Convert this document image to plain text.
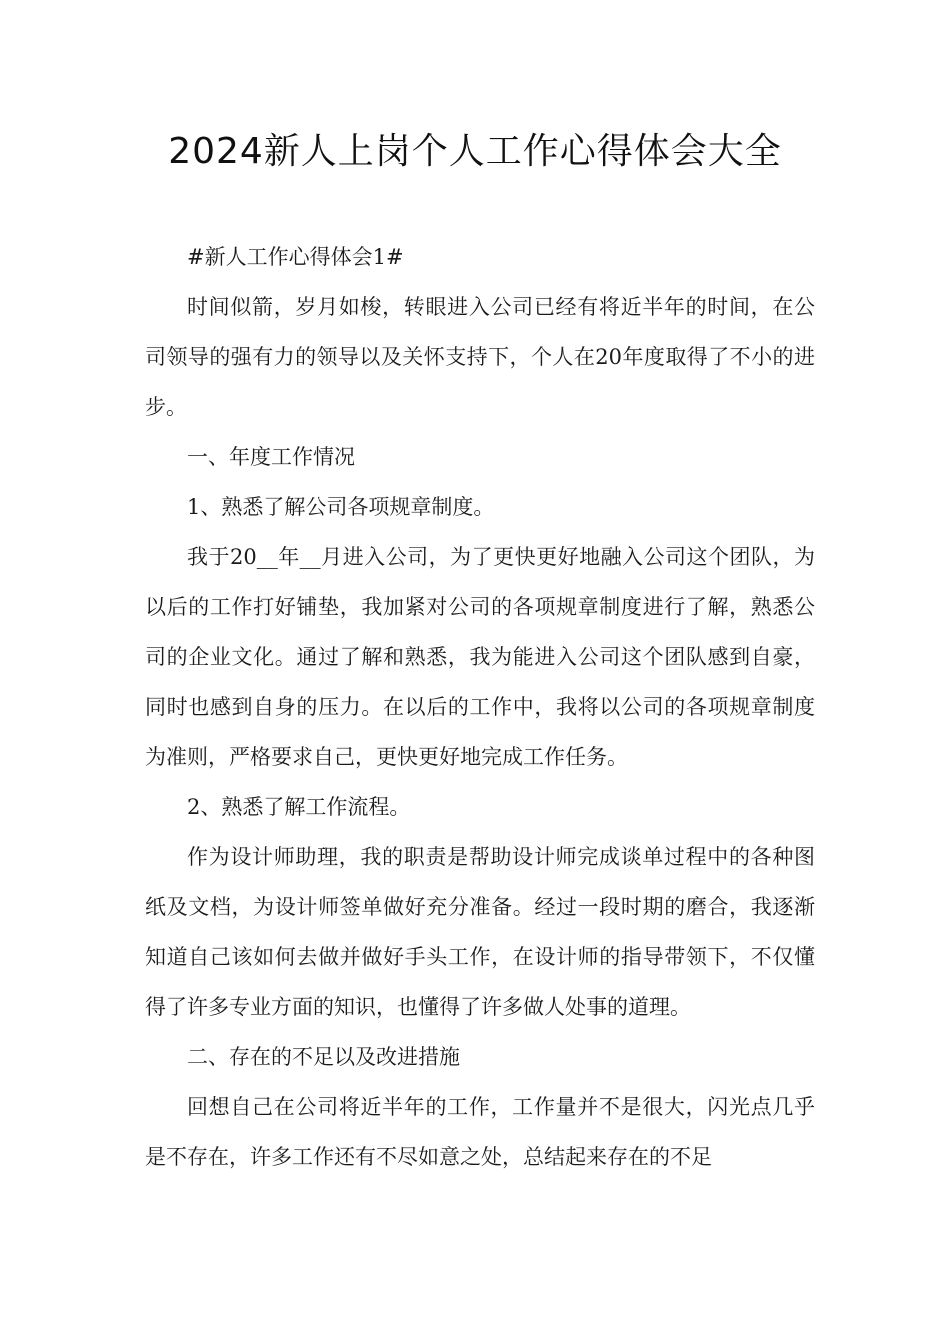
2024新人上岗个人工作心得体会大全

#新人工作心得体会1#

时间似箭，岁月如梭，转眼进入公司已经有将近半年的时间，在公司领导的强有力的领导以及关怀支持下，个人在20年度取得了不小的进步。

一、年度工作情况

1、熟悉了解公司各项规章制度。

我于20__年__月进入公司，为了更快更好地融入公司这个团队，为以后的工作打好铺垫，我加紧对公司的各项规章制度进行了解，熟悉公司的企业文化。通过了解和熟悉，我为能进入公司这个团队感到自豪，同时也感到自身的压力。在以后的工作中，我将以公司的各项规章制度为准则，严格要求自己，更快更好地完成工作任务。

2、熟悉了解工作流程。

作为设计师助理，我的职责是帮助设计师完成谈单过程中的各种图纸及文档，为设计师签单做好充分准备。经过一段时期的磨合，我逐渐知道自己该如何去做并做好手头工作，在设计师的指导带领下，不仅懂得了许多专业方面的知识，也懂得了许多做人处事的道理。

二、存在的不足以及改进措施

回想自己在公司将近半年的工作，工作量并不是很大，闪光点几乎是不存在，许多工作还有不尽如意之处，总结起来存在的不足
